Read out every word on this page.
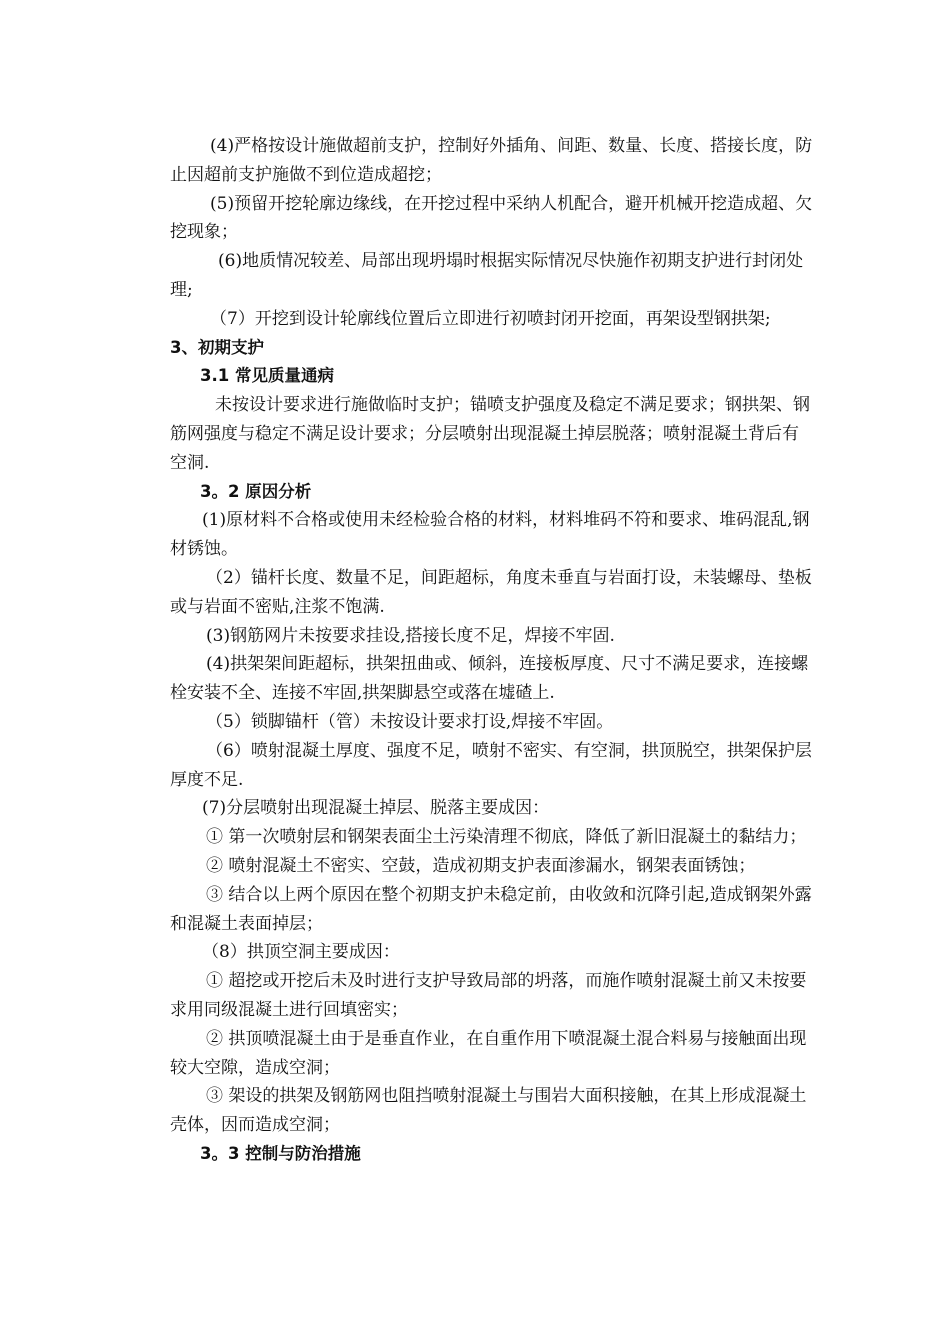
(4)严格按设计施做超前支护，控制好外插角、间距、数量、长度、搭接长度，防止因超前支护施做不到位造成超挖；

(5)预留开挖轮廓边缘线，在开挖过程中采纳人机配合，避开机械开挖造成超、欠挖现象；

(6)地质情况较差、局部出现坍塌时根据实际情况尽快施作初期支护进行封闭处理;

（7）开挖到设计轮廓线位置后立即进行初喷封闭开挖面，再架设型钢拱架;

3、初期支护

3.1 常见质量通病

未按设计要求进行施做临时支护；锚喷支护强度及稳定不满足要求；钢拱架、钢筋网强度与稳定不满足设计要求；分层喷射出现混凝土掉层脱落；喷射混凝土背后有空洞.

3。2 原因分析

(1)原材料不合格或使用未经检验合格的材料，材料堆码不符和要求、堆码混乱,钢材锈蚀。

（2）锚杆长度、数量不足，间距超标，角度未垂直与岩面打设，未装螺母、垫板或与岩面不密贴,注浆不饱满.

(3)钢筋网片未按要求挂设,搭接长度不足，焊接不牢固.

(4)拱架架间距超标，拱架扭曲或、倾斜，连接板厚度、尺寸不满足要求，连接螺栓安装不全、连接不牢固,拱架脚悬空或落在墟碴上.

（5）锁脚锚杆（管）未按设计要求打设,焊接不牢固。

（6）喷射混凝土厚度、强度不足，喷射不密实、有空洞，拱顶脱空，拱架保护层厚度不足.

(7)分层喷射出现混凝土掉层、脱落主要成因：

① 第一次喷射层和钢架表面尘土污染清理不彻底，降低了新旧混凝土的黏结力；

② 喷射混凝土不密实、空鼓，造成初期支护表面渗漏水，钢架表面锈蚀；

③ 结合以上两个原因在整个初期支护未稳定前，由收敛和沉降引起,造成钢架外露和混凝土表面掉层；

（8）拱顶空洞主要成因：

① 超挖或开挖后未及时进行支护导致局部的坍落，而施作喷射混凝土前又未按要求用同级混凝土进行回填密实；

② 拱顶喷混凝土由于是垂直作业，在自重作用下喷混凝土混合料易与接触面出现较大空隙，造成空洞；

③ 架设的拱架及钢筋网也阻挡喷射混凝土与围岩大面积接触，在其上形成混凝土壳体，因而造成空洞；

3。3 控制与防治措施
